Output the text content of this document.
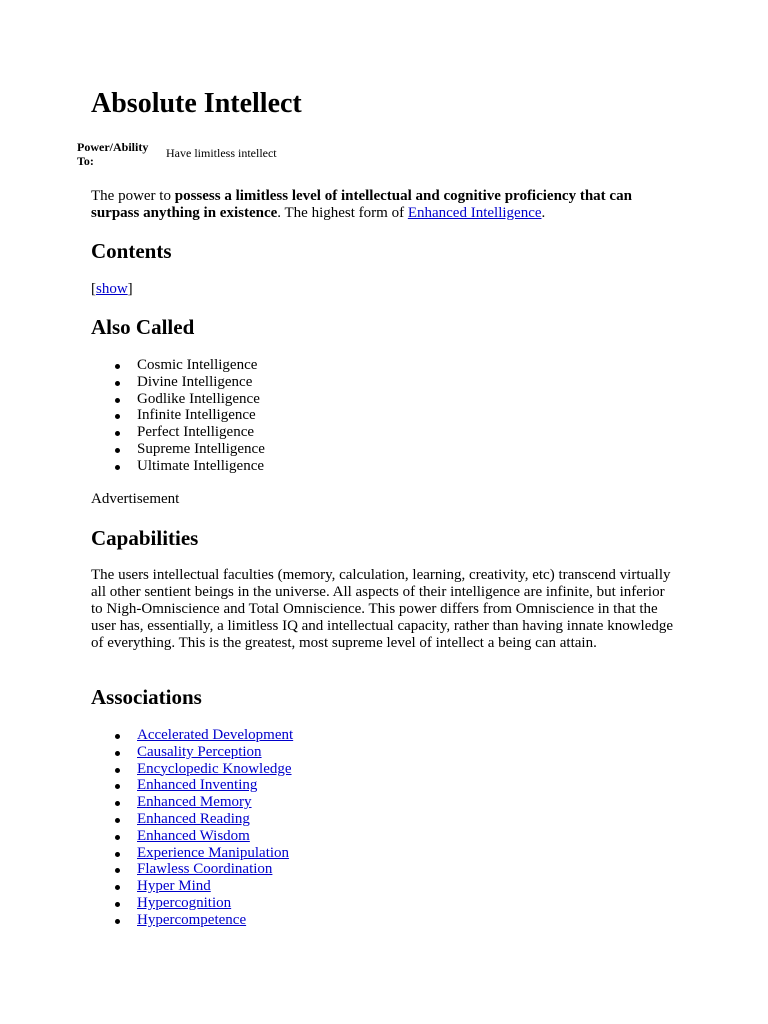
Absolute Intellect
Power/Ability To:
Have limitless intellect

The power to possess a limitless level of intellectual and cognitive proficiency that can surpass anything in existence. The highest form of Enhanced Intelligence.

Contents
[show]
Also Called
Cosmic Intelligence
Divine Intelligence
Godlike Intelligence
Infinite Intelligence
Perfect Intelligence
Supreme Intelligence
Ultimate Intelligence
Advertisement
Capabilities

The users intellectual faculties (memory, calculation, learning, creativity, etc) transcend virtually all other sentient beings in the universe. All aspects of their intelligence are infinite, but inferior to Nigh-Omniscience and Total Omniscience. This power differs from Omniscience in that the user has, essentially, a limitless IQ and intellectual capacity, rather than having innate knowledge of everything. This is the greatest, most supreme level of intellect a being can attain.

Associations
Accelerated Development
Causality Perception
Encyclopedic Knowledge
Enhanced Inventing
Enhanced Memory
Enhanced Reading
Enhanced Wisdom
Experience Manipulation
Flawless Coordination
Hyper Mind
Hypercognition
Hypercompetence
